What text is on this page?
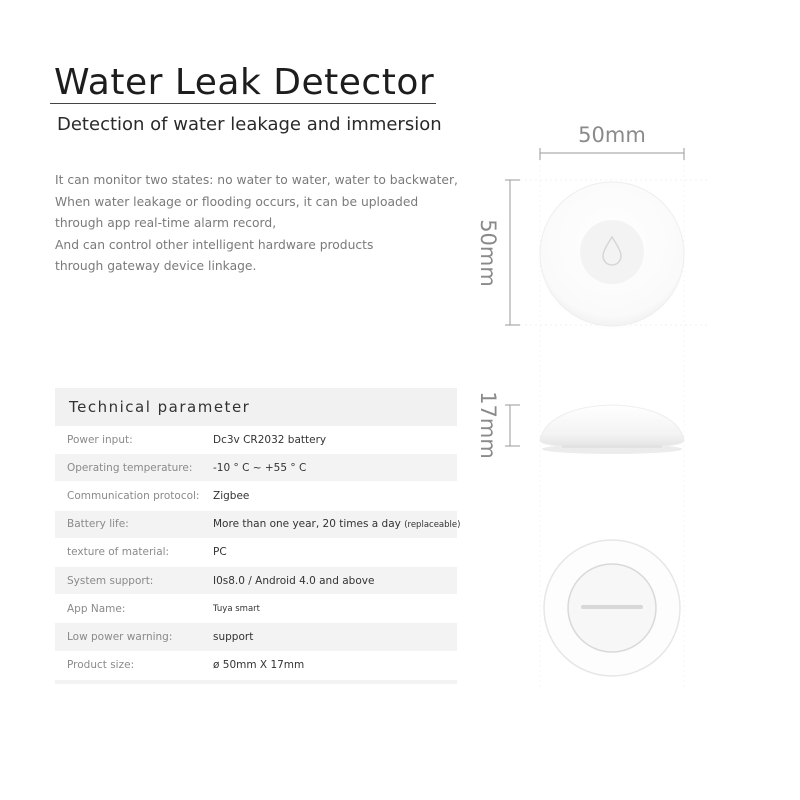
Water Leak Detector
Detection of water leakage and immersion
It can monitor two states: no water to water, water to backwater,
When water leakage or flooding occurs, it can be uploaded
through app real-time alarm record,
And can control other intelligent hardware products
through gateway device linkage.
Technical parameter
Power input:	Dc3v CR2032 battery
Operating temperature:	-10 ° C ~ +55 ° C
Communication protocol:	Zigbee
Battery life:	More than one year, 20 times a day (replaceable)
texture of material:	PC
System support:	I0s8.0 / Android 4.0 and above
App Name:	Tuya smart
Low power warning:	support
Product size:	ø 50mm X 17mm
50mm
50mm
17mm
